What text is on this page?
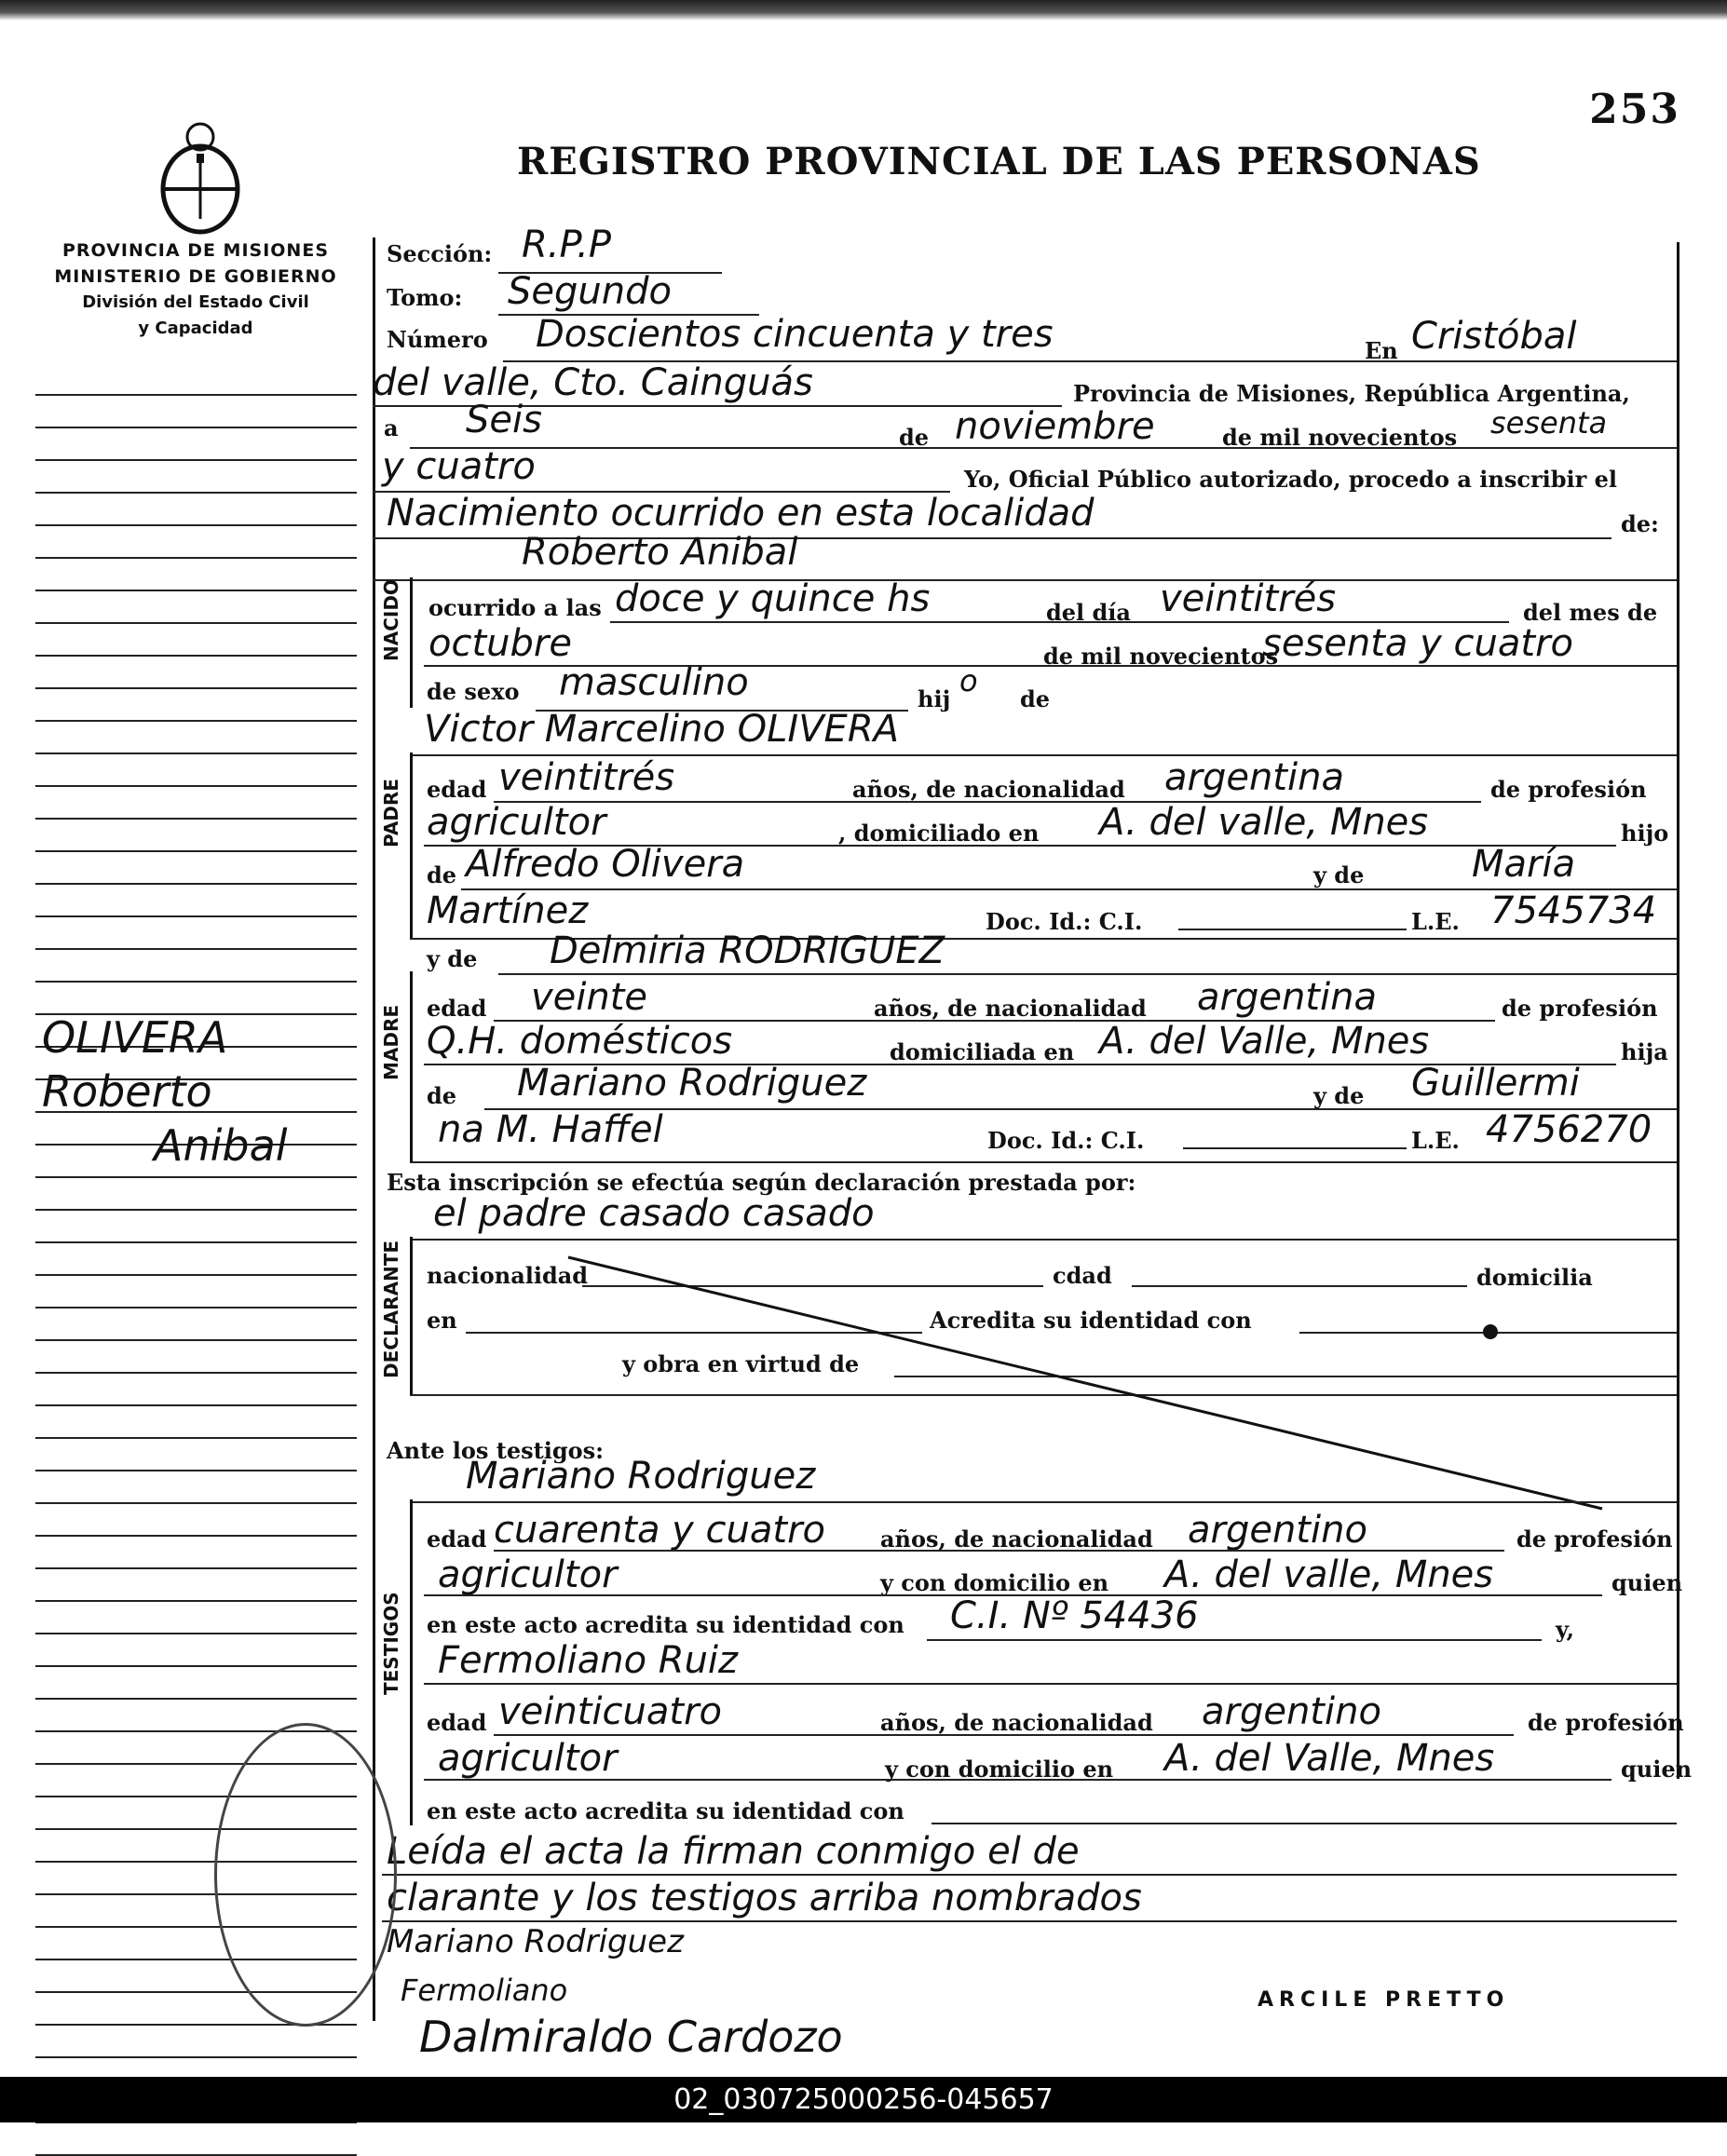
253
REGISTRO PROVINCIAL DE LAS PERSONAS
PROVINCIA DE MISIONES
MINISTERIO DE GOBIERNO
División del Estado Civil
y Capacidad
OLIVERA
Roberto
Anibal
Sección: R.P.P
Tomo: Segundo
Número Doscientos cincuenta y tres	En Cristóbal
del valle, Cto. Cainguás	Provincia de Misiones, República Argentina,
a Seis	de noviembre	de mil novecientos sesenta
y cuatro	Yo, Oficial Público autorizado, procedo a inscribir el
Nacimiento ocurrido en esta localidad	de:
Roberto Anibal
NACIDO ocurrido a las doce y quince hs	del día veintitrés	del mes de
octubre	de mil novecientos
sesenta y cuatro
de sexo masculino	hij
o
de
Victor Marcelino OLIVERA
PADRE edad veintitrés	años, de nacionalidad argentina	de profesión
agricultor	, domiciliado en A. del valle, Mnes	hijo
de Alfredo Olivera	y de	María
Martínez	Doc. Id.: C.I.	L.E. 7545734
y de Delmiria RODRIGUEZ
MADRE edad veinte	años, de nacionalidad argentina	de profesión
Q.H. domésticos	domiciliada en A. del Valle, Mnes	hija
de Mariano Rodriguez	y de Guillermi
na M. Haffel	Doc. Id.: C.I.	L.E. 4756270
Esta inscripción se efectúa según declaración prestada por:
el padre casado casado
DECLARANTE nacionalidad	cdad	domicilia
en	Acredita su identidad con
y obra en virtud de
Ante los testigos:
Mariano Rodriguez
TESTIGOS
edad cuarenta y cuatro años, de nacionalidad argentino	de profesión
agricultor	y con domicilio en A. del valle, Mnes	quien
en este acto acredita su identidad con C.I. Nº 54436	y,
Fermoliano Ruiz
edad veinticuatro	años, de nacionalidad argentino	de profesión
agricultor	y con domicilio en A. del Valle, Mnes	quien
en este acto acredita su identidad con
Leída el acta la firman conmigo el de
clarante y los testigos arriba nombrados
Mariano Rodriguez
Fermoliano
Dalmiraldo Cardozo
ARCILE PRETTO
02_030725000256-045657
